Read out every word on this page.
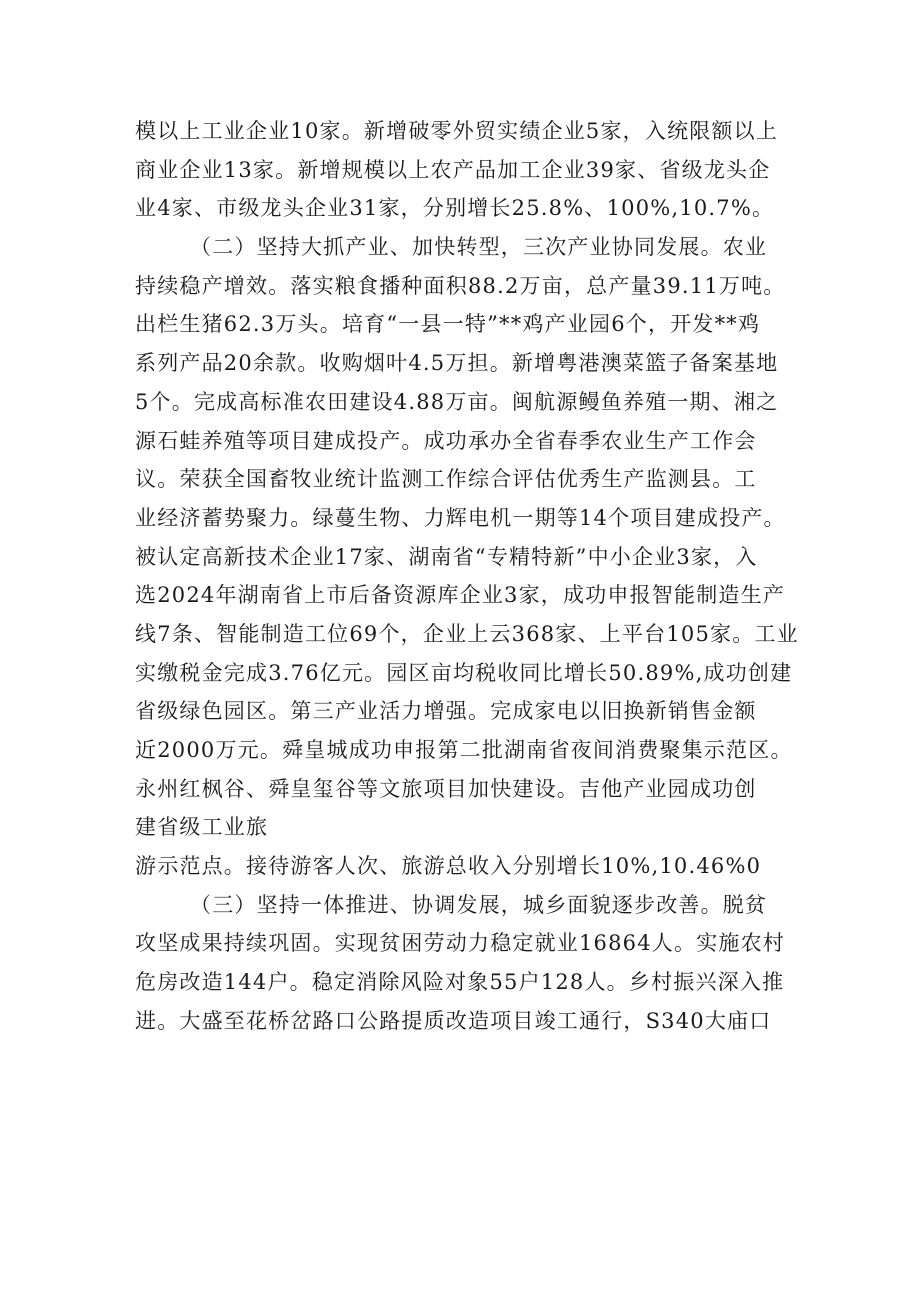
模以上工业企业10家。新增破零外贸实绩企业5家，入统限额以上
商业企业13家。新增规模以上农产品加工企业39家、省级龙头企
业4家、市级龙头企业31家，分别增长25.8%、100%,10.7%。
（二）坚持大抓产业、加快转型，三次产业协同发展。农业
持续稳产增效。落实粮食播种面积88.2万亩，总产量39.11万吨。
出栏生猪62.3万头。培育“一县一特”**鸡产业园6个，开发**鸡
系列产品20余款。收购烟叶4.5万担。新增粤港澳菜篮子备案基地
5个。完成高标准农田建设4.88万亩。闽航源鳗鱼养殖一期、湘之
源石蛙养殖等项目建成投产。成功承办全省春季农业生产工作会
议。荣获全国畜牧业统计监测工作综合评估优秀生产监测县。工
业经济蓄势聚力。绿蔓生物、力辉电机一期等14个项目建成投产。
被认定高新技术企业17家、湖南省“专精特新”中小企业3家，入
选2024年湖南省上市后备资源库企业3家，成功申报智能制造生产
线7条、智能制造工位69个，企业上云368家、上平台105家。工业
实缴税金完成3.76亿元。园区亩均税收同比增长50.89%,成功创建
省级绿色园区。第三产业活力增强。完成家电以旧换新销售金额
近2000万元。舜皇城成功申报第二批湖南省夜间消费聚集示范区。
永州红枫谷、舜皇玺谷等文旅项目加快建设。吉他产业园成功创
建省级工业旅
游示范点。接待游客人次、旅游总收入分别增长10%,10.46%0
（三）坚持一体推进、协调发展，城乡面貌逐步改善。脱贫
攻坚成果持续巩固。实现贫困劳动力稳定就业16864人。实施农村
危房改造144户。稳定消除风险对象55户128人。乡村振兴深入推
进。大盛至花桥岔路口公路提质改造项目竣工通行，S340大庙口
